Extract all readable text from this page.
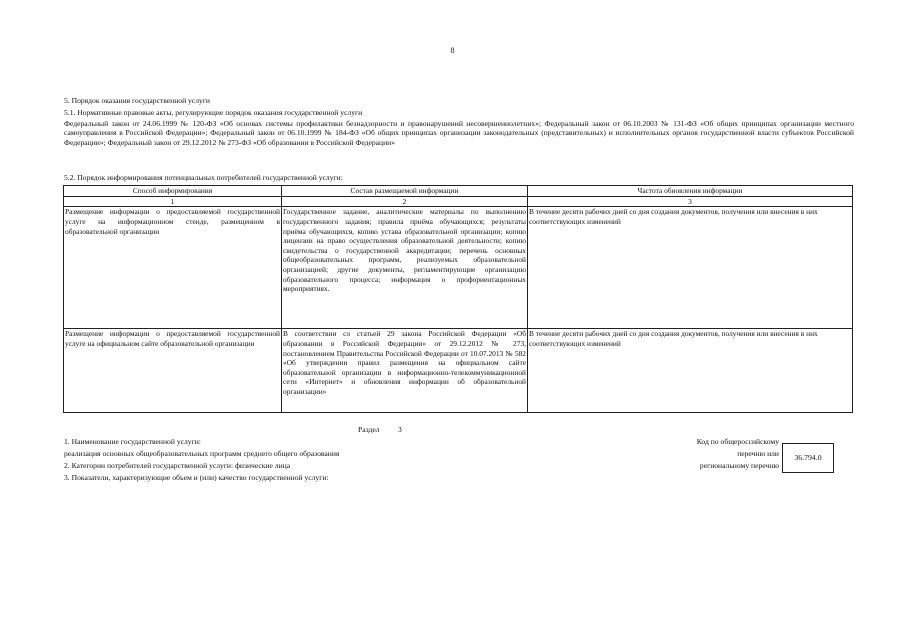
8
5. Порядок оказания государственной услуги
5.1. Нормативные правовые акты, регулирующие порядок оказания государственной услуги
Федеральный закон от 24.06.1999 № 120-ФЗ «Об основах системы профилактики безнадзорности и правонарушений несовершеннолетних»; Федеральный закон от 06.10.2003 № 131-ФЗ «Об общих принципах организации местного самоуправления в Российской Федерации»; Федеральный закон от 06.10.1999 № 184-ФЗ «Об общих принципах организации законодательных (представительных) и исполнительных органов государственной власти субъектов Российской Федерации»; Федеральный закон от 29.12.2012 № 273-ФЗ «Об образовании в Российской Федерации»
5.2. Порядок информирования потенциальных потребителей государственной услуги:
Способ информирования	Состав размещаемой информации	Частота обновления информации
1	2	3
Размещение информации о предоставляемой государственной услуге на информационном стенде, размещенном в образовательной организации	Государственное задание, аналитические материалы по выполнению государственного задания; правила приёма обучающихся; результаты приёма обучающихся, копию устава образовательной организации; копию лицензии на право осуществления образовательной деятельности; копию свидетельства о государственной аккредитации; перечень основных общеобразовательных программ, реализуемых образовательной организацией; другие документы, регламентирующие организацию образовательного процесса; информация о профориентационных мероприятиях.	В течение десяти рабочих дней со дня создания документов, получения или внесения в них соответствующих изменений
Размещение информации о предоставляемой государственной услуге на официальном сайте образовательной организации	В соответствии со статьей 29 закона Российской Федерации «Об образовании в Российской Федерации» от 29.12.2012 № 273, постановлением Правительства Российской Федерации от 10.07.2013 № 582 «Об утверждении правил размещения на официальном сайте образовательной организации в информационно-телекоммуникационной сети «Интернет» и обновления информации об образовательной организации»	В течение десяти рабочих дней со дня создания документов, получения или внесения в них соответствующих изменений
Раздел 3
1. Наименование государственной услуги:
реализация основных общеобразовательных программ среднего общего образования
2. Категории потребителей государственной услуги: физические лица
3. Показатели, характеризующие объем и (или) качество государственной услуги:
Код по общероссийскому
перечню или
региональному перечню
36.794.0
